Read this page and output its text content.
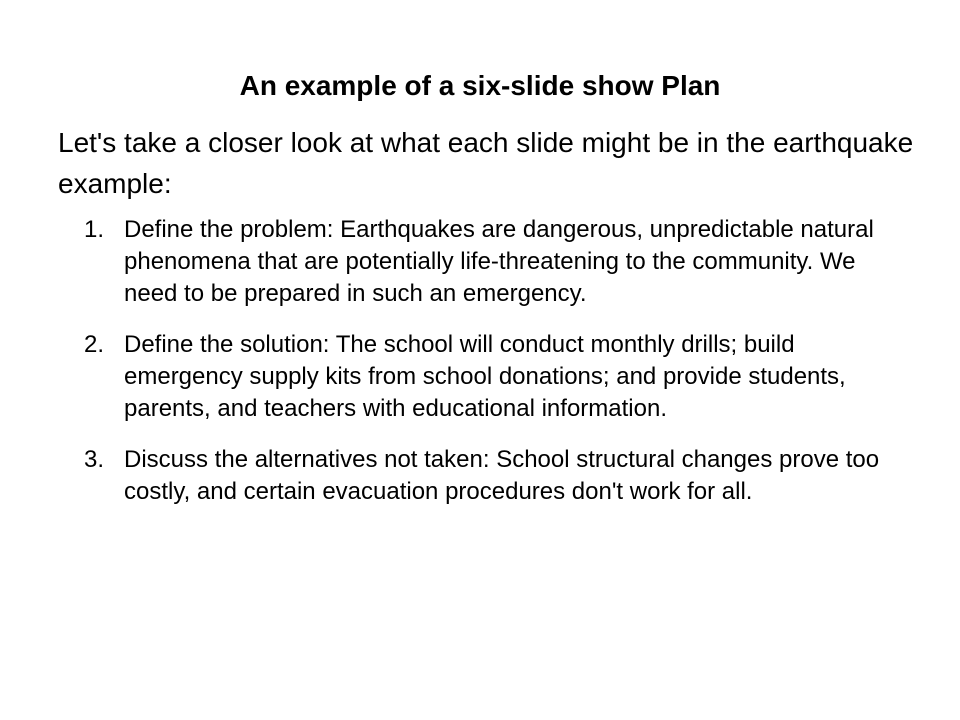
An example of a six-slide show Plan

Let's take a closer look at what each slide might be in the earthquake example:

1. Define the problem: Earthquakes are dangerous, unpredictable natural phenomena that are potentially life-threatening to the community. We need to be prepared in such an emergency.
2. Define the solution: The school will conduct monthly drills; build emergency supply kits from school donations; and provide students, parents, and teachers with educational information.
3. Discuss the alternatives not taken: School structural changes prove too costly, and certain evacuation procedures don't work for all.
